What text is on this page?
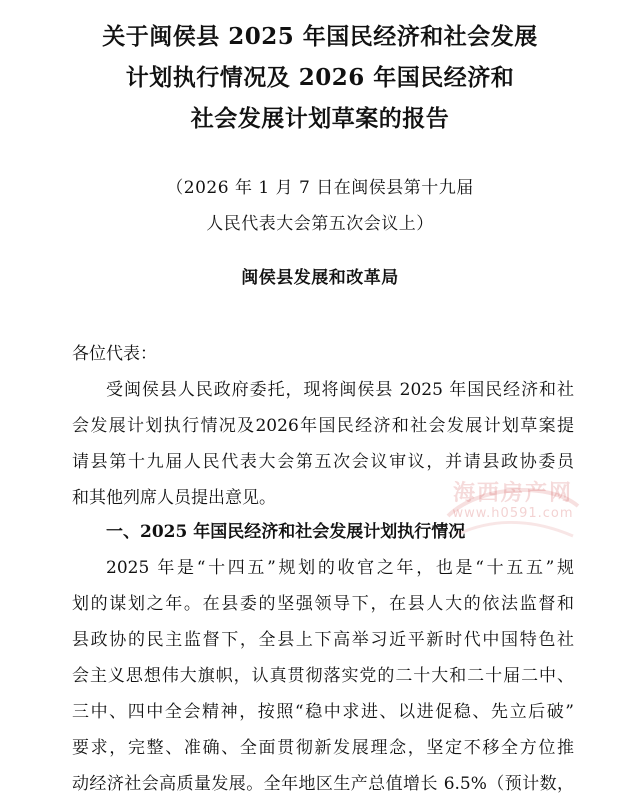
关于闽侯县 2025 年国民经济和社会发展
计划执行情况及 2026 年国民经济和
社会发展计划草案的报告
（2026 年 1 月 7 日在闽侯县第十九届
人民代表大会第五次会议上）
闽侯县发展和改革局
各位代表：
受闽侯县人民政府委托，现将闽侯县 2025 年国民经济和社
会发展计划执行情况及2026年国民经济和社会发展计划草案提
请县第十九届人民代表大会第五次会议审议，并请县政协委员
和其他列席人员提出意见。
一、2025 年国民经济和社会发展计划执行情况
2025 年是“十四五”规划的收官之年，也是“十五五”规
划的谋划之年。在县委的坚强领导下，在县人大的依法监督和
县政协的民主监督下，全县上下高举习近平新时代中国特色社
会主义思想伟大旗帜，认真贯彻落实党的二十大和二十届二中、
三中、四中全会精神，按照“稳中求进、以进促稳、先立后破”
要求，完整、准确、全面贯彻新发展理念，坚定不移全方位推
动经济社会高质量发展。全年地区生产总值增长 6.5%（预计数，
海西房产网
www.h0591.com
